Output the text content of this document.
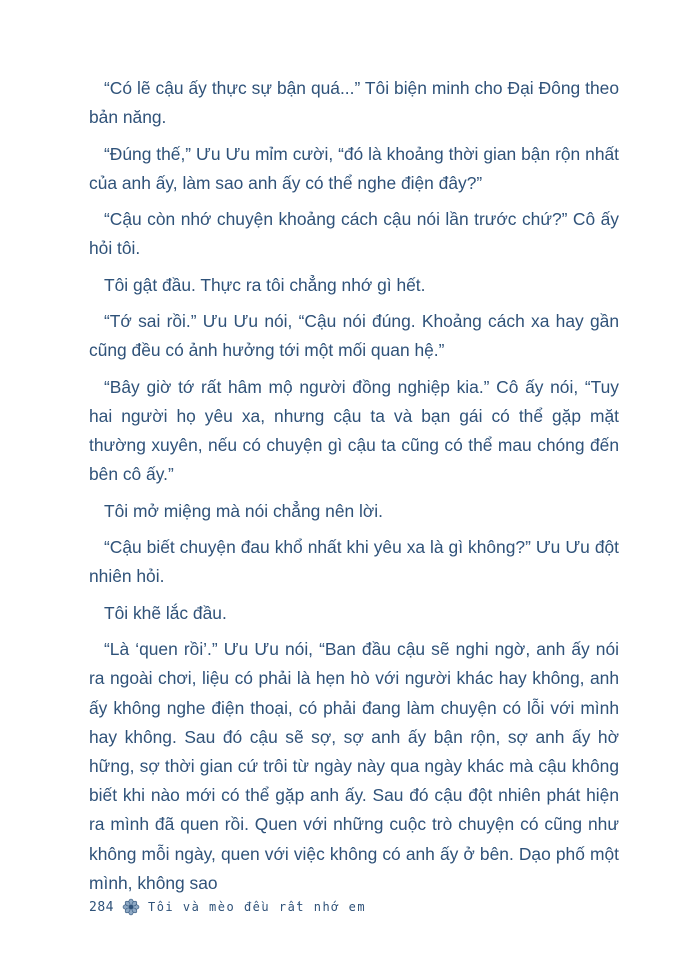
“Có lẽ cậu ấy thực sự bận quá...” Tôi biện minh cho Đại Đông theo bản năng.

“Đúng thế,” Ưu Ưu mỉm cười, “đó là khoảng thời gian bận rộn nhất của anh ấy, làm sao anh ấy có thể nghe điện đây?”

“Cậu còn nhớ chuyện khoảng cách cậu nói lần trước chứ?” Cô ấy hỏi tôi.

Tôi gật đầu. Thực ra tôi chẳng nhớ gì hết.

“Tớ sai rồi.” Ưu Ưu nói, “Cậu nói đúng. Khoảng cách xa hay gần cũng đều có ảnh hưởng tới một mối quan hệ.”

“Bây giờ tớ rất hâm mộ người đồng nghiệp kia.” Cô ấy nói, “Tuy hai người họ yêu xa, nhưng cậu ta và bạn gái có thể gặp mặt thường xuyên, nếu có chuyện gì cậu ta cũng có thể mau chóng đến bên cô ấy.”

Tôi mở miệng mà nói chẳng nên lời.

“Cậu biết chuyện đau khổ nhất khi yêu xa là gì không?” Ưu Ưu đột nhiên hỏi.

Tôi khẽ lắc đầu.

“Là ‘quen rồi’.” Ưu Ưu nói, “Ban đầu cậu sẽ nghi ngờ, anh ấy nói ra ngoài chơi, liệu có phải là hẹn hò với người khác hay không, anh ấy không nghe điện thoại, có phải đang làm chuyện có lỗi với mình hay không. Sau đó cậu sẽ sợ, sợ anh ấy bận rộn, sợ anh ấy hờ hững, sợ thời gian cứ trôi từ ngày này qua ngày khác mà cậu không biết khi nào mới có thể gặp anh ấy. Sau đó cậu đột nhiên phát hiện ra mình đã quen rồi. Quen với những cuộc trò chuyện có cũng như không mỗi ngày, quen với việc không có anh ấy ở bên. Dạo phố một mình, không sao

284	Tôi và mèo đều rất nhớ em
